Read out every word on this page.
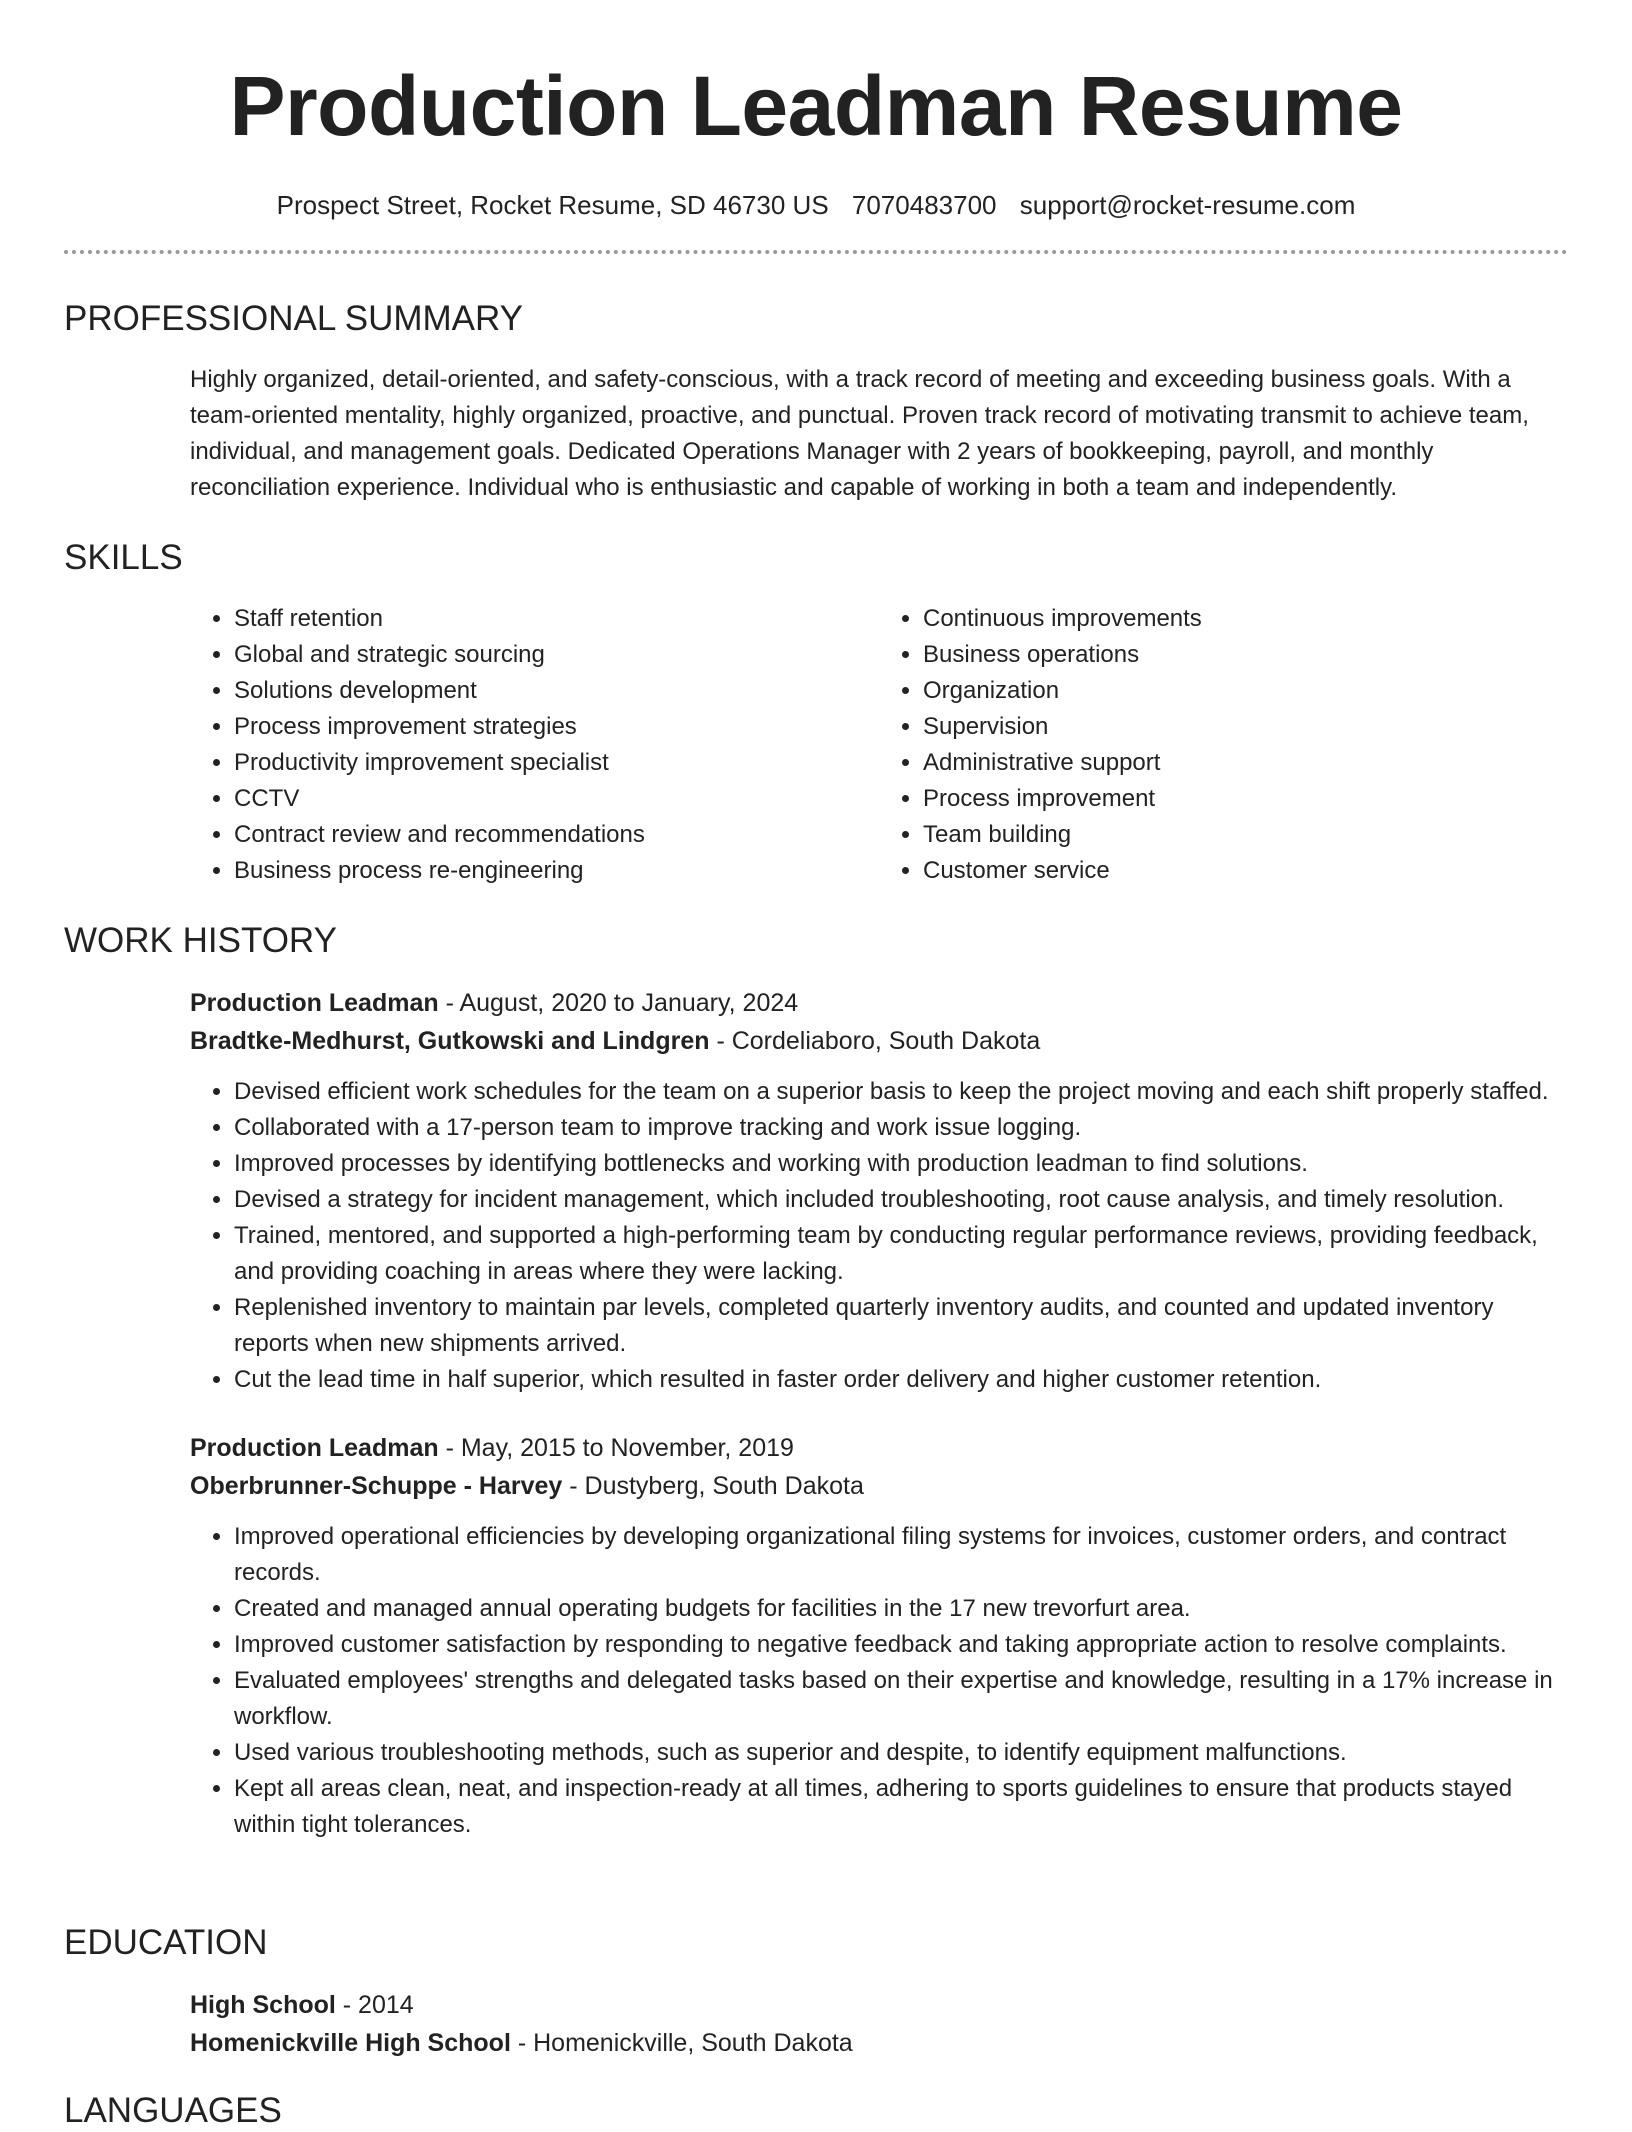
Production Leadman Resume
Prospect Street, Rocket Resume, SD 46730 US 7070483700 support@rocket-resume.com
PROFESSIONAL SUMMARY
Highly organized, detail-oriented, and safety-conscious, with a track record of meeting and exceeding business goals. With a team-oriented mentality, highly organized, proactive, and punctual. Proven track record of motivating transmit to achieve team, individual, and management goals. Dedicated Operations Manager with 2 years of bookkeeping, payroll, and monthly reconciliation experience. Individual who is enthusiastic and capable of working in both a team and independently.
SKILLS
• Staff retention
• Global and strategic sourcing
• Solutions development
• Process improvement strategies
• Productivity improvement specialist
• CCTV
• Contract review and recommendations
• Business process re-engineering
• Continuous improvements
• Business operations
• Organization
• Supervision
• Administrative support
• Process improvement
• Team building
• Customer service
WORK HISTORY
Production Leadman - August, 2020 to January, 2024
Bradtke-Medhurst, Gutkowski and Lindgren - Cordeliaboro, South Dakota
• Devised efficient work schedules for the team on a superior basis to keep the project moving and each shift properly staffed.
• Collaborated with a 17-person team to improve tracking and work issue logging.
• Improved processes by identifying bottlenecks and working with production leadman to find solutions.
• Devised a strategy for incident management, which included troubleshooting, root cause analysis, and timely resolution.
• Trained, mentored, and supported a high-performing team by conducting regular performance reviews, providing feedback, and providing coaching in areas where they were lacking.
• Replenished inventory to maintain par levels, completed quarterly inventory audits, and counted and updated inventory reports when new shipments arrived.
• Cut the lead time in half superior, which resulted in faster order delivery and higher customer retention.
Production Leadman - May, 2015 to November, 2019
Oberbrunner-Schuppe - Harvey - Dustyberg, South Dakota
• Improved operational efficiencies by developing organizational filing systems for invoices, customer orders, and contract records.
• Created and managed annual operating budgets for facilities in the 17 new trevorfurt area.
• Improved customer satisfaction by responding to negative feedback and taking appropriate action to resolve complaints.
• Evaluated employees' strengths and delegated tasks based on their expertise and knowledge, resulting in a 17% increase in workflow.
• Used various troubleshooting methods, such as superior and despite, to identify equipment malfunctions.
• Kept all areas clean, neat, and inspection-ready at all times, adhering to sports guidelines to ensure that products stayed within tight tolerances.
EDUCATION
High School - 2014
Homenickville High School - Homenickville, South Dakota
LANGUAGES
